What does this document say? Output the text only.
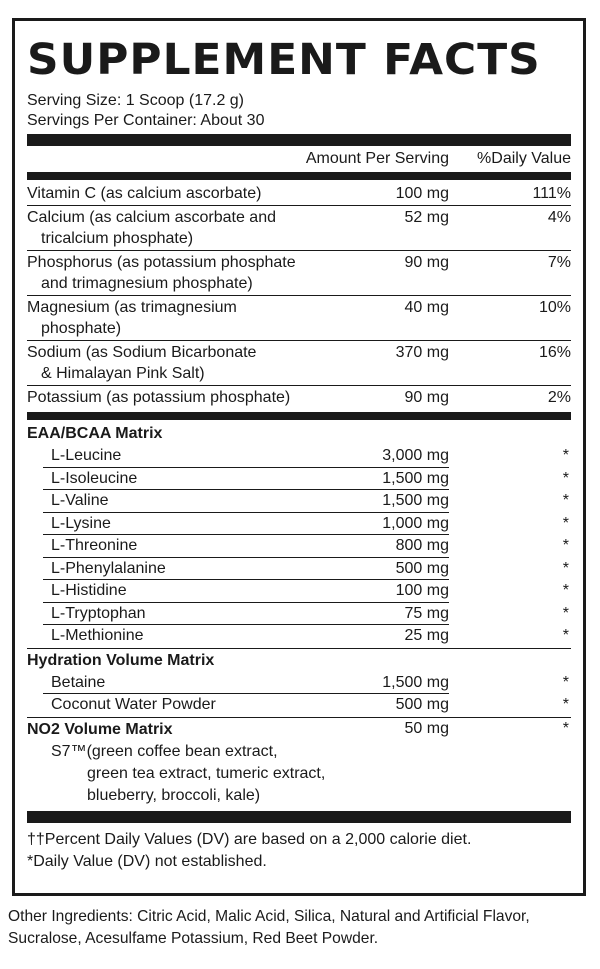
SUPPLEMENT FACTS
Serving Size: 1 Scoop (17.2 g)
Servings Per Container: About 30
Amount Per Serving %Daily Value
Vitamin C (as calcium ascorbate)	100 mg	111%
Calcium (as calcium ascorbate and
tricalcium phosphate)
52 mg	4%
Phosphorus (as potassium phosphate
and trimagnesium phosphate)
90 mg	7%
Magnesium (as trimagnesium
phosphate)
40 mg	10%
Sodium (as Sodium Bicarbonate
& Himalayan Pink Salt)
370 mg	16%
Potassium (as potassium phosphate)	90 mg	2%
EAA/BCAA Matrix
L-Leucine	3,000 mg	*
L-Isoleucine	1,500 mg	*
L-Valine	1,500 mg	*
L-Lysine	1,000 mg	*
L-Threonine	800 mg	*
L-Phenylalanine	500 mg	*
L-Histidine	100 mg	*
L-Tryptophan	75 mg	*
L-Methionine	25 mg	*
Hydration Volume Matrix
Betaine	1,500 mg	*
Coconut Water Powder	500 mg	*
NO2 Volume Matrix	50 mg	*
S7™(green coffee bean extract,
green tea extract, tumeric extract,
blueberry, broccoli, kale)
††Percent Daily Values (DV) are based on a 2,000 calorie diet.
*Daily Value (DV) not established.
Other Ingredients: Citric Acid, Malic Acid, Silica, Natural and Artificial Flavor, Sucralose, Acesulfame Potassium, Red Beet Powder.
